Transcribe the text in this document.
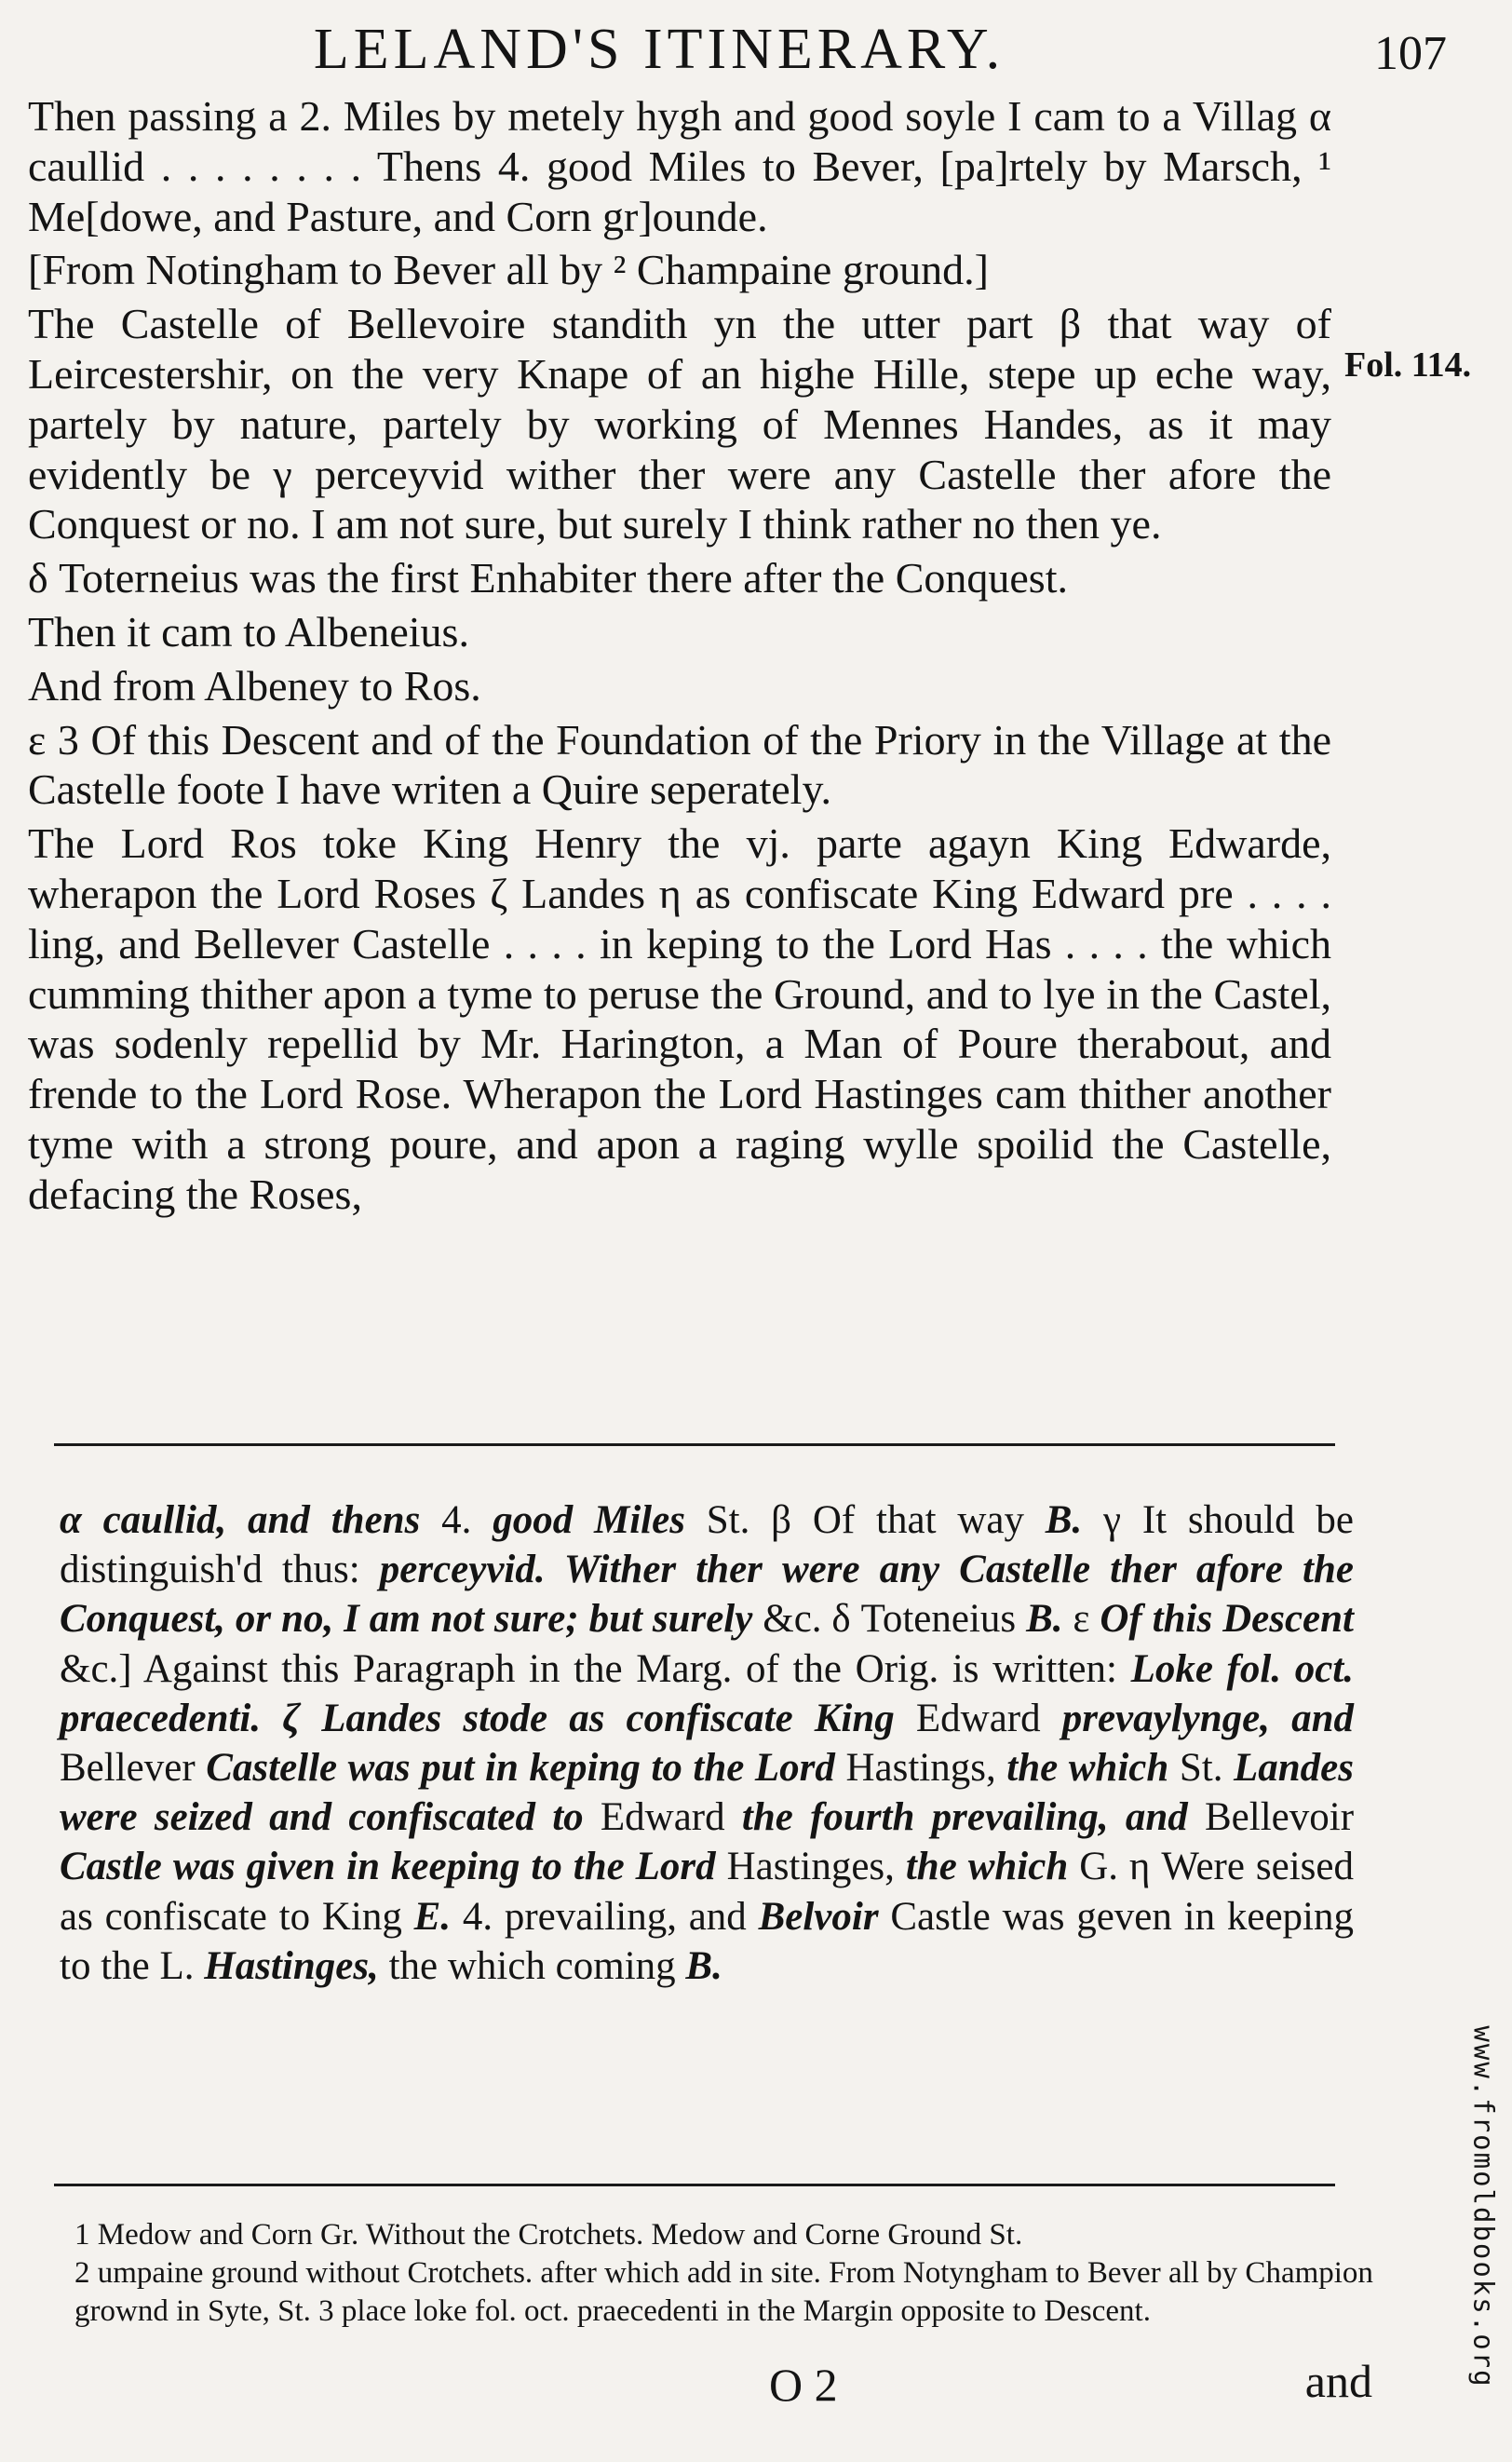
LELAND'S ITINERARY.	107
Fol. 114.

Then passing a 2. Miles by metely hygh and good soyle I cam to a Villag α caullid . . . . . . . . Thens 4. good Miles to Bever, [pa]rtely by Marsch, ¹ Me[dowe, and Pasture, and Corn gr]ounde.

[From Notingham to Bever all by ² Champaine ground.]

The Castelle of Bellevoire standith yn the utter part β that way of Leircestershir, on the very Knape of an highe Hille, stepe up eche way, partely by nature, partely by working of Mennes Handes, as it may evidently be γ perceyvid wither ther were any Castelle ther afore the Conquest or no. I am not sure, but surely I think rather no then ye.

δ Toterneius was the first Enhabiter there after the Conquest.

Then it cam to Albeneius.

And from Albeney to Ros.

ε 3 Of this Descent and of the Foundation of the Priory in the Village at the Castelle foote I have writen a Quire seperately.

The Lord Ros toke King Henry the vj. parte agayn King Edwarde, wherapon the Lord Roses ζ Landes η as confiscate King Edward pre . . . . ling, and Bellever Castelle . . . . in keping to the Lord Has . . . . the which cumming thither apon a tyme to peruse the Ground, and to lye in the Castel, was sodenly repellid by Mr. Harington, a Man of Poure therabout, and frende to the Lord Rose. Wherapon the Lord Hastinges cam thither another tyme with a strong poure, and apon a raging wylle spoilid the Castelle, defacing the Roses,

α caullid, and thens 4. good Miles St. β Of that way B. γ It should be distinguish'd thus: perceyvid. Wither ther were any Castelle ther afore the Conquest, or no, I am not sure; but surely &c. δ Toteneius B. ε Of this Descent &c.] Against this Paragraph in the Marg. of the Orig. is written: Loke fol. oct. praecedenti. ζ Landes stode as confiscate King Edward prevaylynge, and Bellever Castelle was put in keping to the Lord Hastings, the which St. Landes were seized and confiscated to Edward the fourth prevailing, and Bellevoir Castle was given in keeping to the Lord Hastinges, the which G. η Were seised as confiscate to King E. 4. prevailing, and Belvoir Castle was geven in keeping to the L. Hastinges, the which coming B.

1 Medow and Corn Gr. Without the Crotchets. Medow and Corne Ground St.

2 umpaine ground without Crotchets. after which add in site. From Notyngham to Bever all by Champion grownd in Syte, St. 3 place loke fol. oct. praecedenti in the Margin opposite to Descent.

O 2	and	www.fromoldbooks.org
